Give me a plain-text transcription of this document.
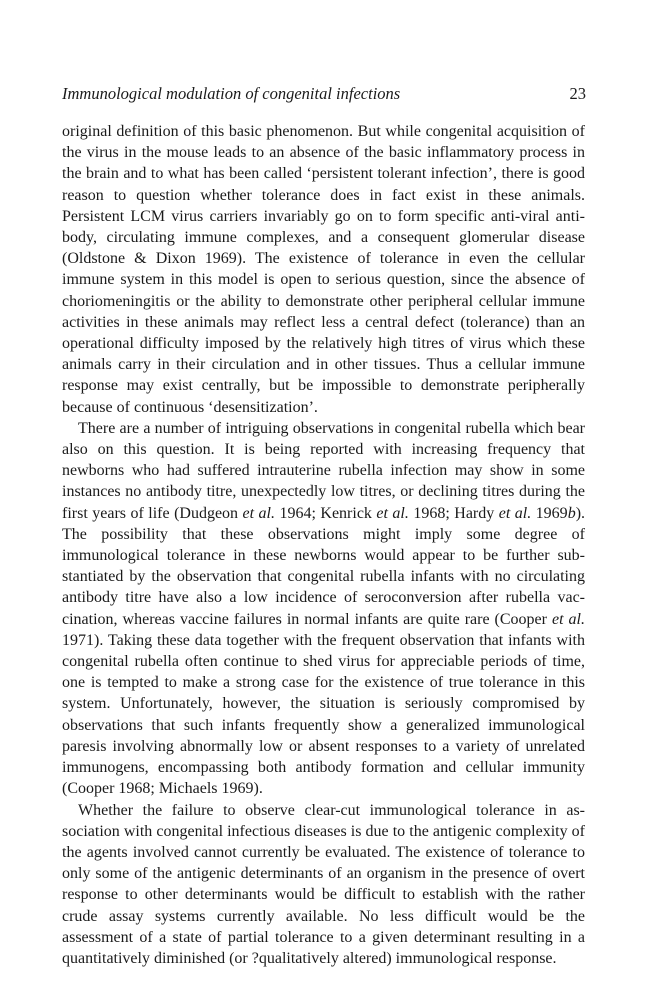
Immunological modulation of congenital infections	23

original definition of this basic phenomenon. But while congenital acquisition of the virus in the mouse leads to an absence of the basic inflammatory process in the brain and to what has been called ‘persistent tolerant infection’, there is good reason to question whether tolerance does in fact exist in these animals. Persistent LCM virus carriers invariably go on to form specific anti-viral antibody, circulating immune complexes, and a consequent glomerular disease (Oldstone & Dixon 1969). The existence of tolerance in even the cellular immune system in this model is open to serious question, since the absence of choriomeningitis or the ability to demonstrate other peripheral cellular immune activities in these animals may reflect less a central defect (tolerance) than an operational difficulty imposed by the relatively high titres of virus which these animals carry in their circulation and in other tissues. Thus a cellular immune response may exist centrally, but be impossible to demonstrate peripherally because of continuous ‘desensitization’.

There are a number of intriguing observations in congenital rubella which bear also on this question. It is being reported with increasing frequency that newborns who had suffered intrauterine rubella infection may show in some instances no antibody titre, unexpectedly low titres, or declining titres during the first years of life (Dudgeon et al. 1964; Kenrick et al. 1968; Hardy et al. 1969b). The possibility that these observations might imply some degree of immunological tolerance in these newborns would appear to be further substantiated by the observation that congenital rubella infants with no circulating antibody titre have also a low incidence of seroconversion after rubella vaccination, whereas vaccine failures in normal infants are quite rare (Cooper et al. 1971). Taking these data together with the frequent observation that infants with congenital rubella often continue to shed virus for appreciable periods of time, one is tempted to make a strong case for the existence of true tolerance in this system. Unfortunately, however, the situation is seriously compromised by observations that such infants frequently show a generalized immunological paresis involving abnormally low or absent responses to a variety of unrelated immunogens, encompassing both antibody formation and cellular immunity (Cooper 1968; Michaels 1969).

Whether the failure to observe clear-cut immunological tolerance in association with congenital infectious diseases is due to the antigenic complexity of the agents involved cannot currently be evaluated. The existence of tolerance to only some of the antigenic determinants of an organism in the presence of overt response to other determinants would be difficult to establish with the rather crude assay systems currently available. No less difficult would be the assessment of a state of partial tolerance to a given determinant resulting in a quantitatively diminished (or ?qualitatively altered) immunological response.
